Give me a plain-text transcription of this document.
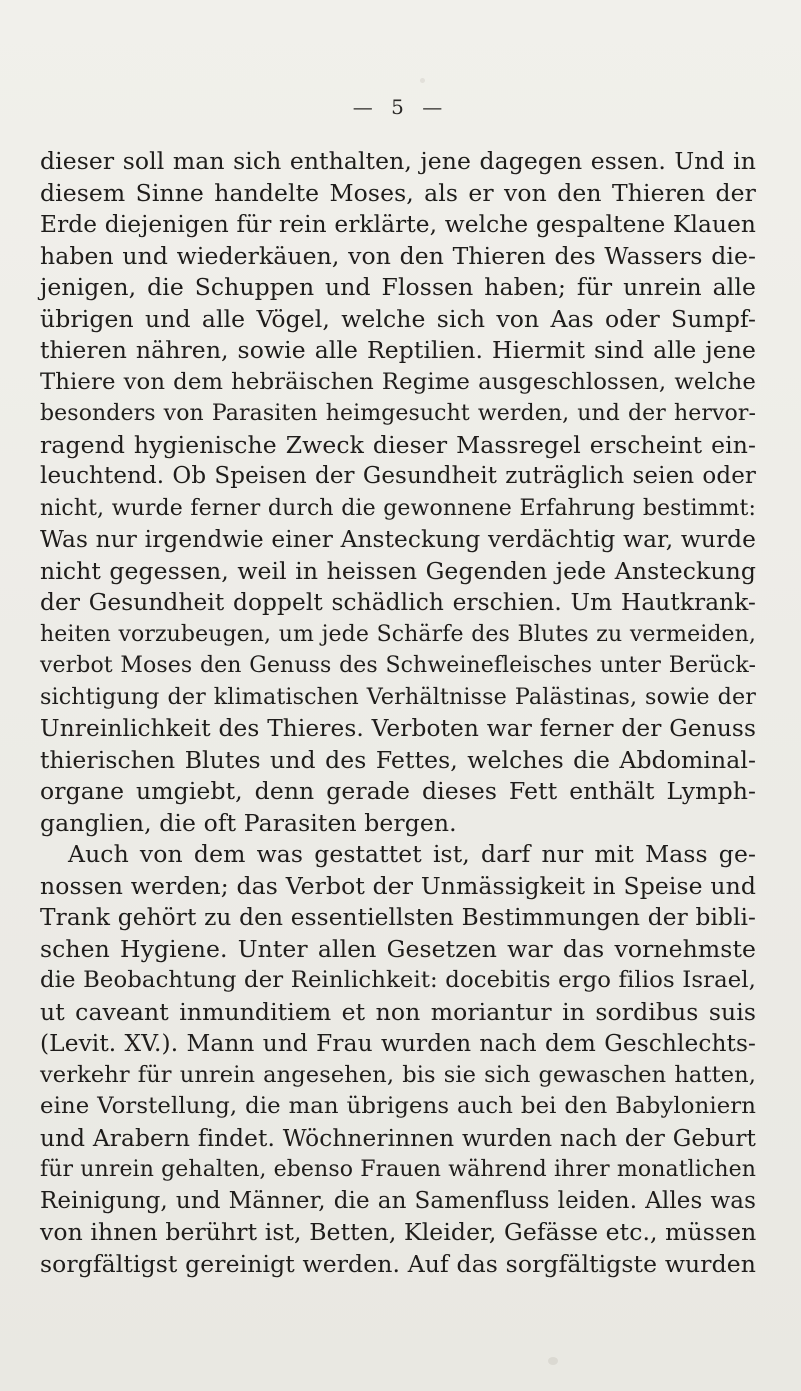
— 5 —
dieser soll man sich enthalten, jene dagegen essen. Und in
diesem Sinne handelte Moses, als er von den Thieren der
Erde diejenigen für rein erklärte, welche gespaltene Klauen
haben und wiederkäuen, von den Thieren des Wassers die-
jenigen, die Schuppen und Flossen haben; für unrein alle
übrigen und alle Vögel, welche sich von Aas oder Sumpf-
thieren nähren, sowie alle Reptilien. Hiermit sind alle jene
Thiere von dem hebräischen Regime ausgeschlossen, welche
besonders von Parasiten heimgesucht werden, und der hervor-
ragend hygienische Zweck dieser Massregel erscheint ein-
leuchtend. Ob Speisen der Gesundheit zuträglich seien oder
nicht, wurde ferner durch die gewonnene Erfahrung bestimmt:
Was nur irgendwie einer Ansteckung verdächtig war, wurde
nicht gegessen, weil in heissen Gegenden jede Ansteckung
der Gesundheit doppelt schädlich erschien. Um Hautkrank-
heiten vorzubeugen, um jede Schärfe des Blutes zu vermeiden,
verbot Moses den Genuss des Schweinefleisches unter Berück-
sichtigung der klimatischen Verhältnisse Palästinas, sowie der
Unreinlichkeit des Thieres. Verboten war ferner der Genuss
thierischen Blutes und des Fettes, welches die Abdominal-
organe umgiebt, denn gerade dieses Fett enthält Lymph-
ganglien, die oft Parasiten bergen.
Auch von dem was gestattet ist, darf nur mit Mass ge-
nossen werden; das Verbot der Unmässigkeit in Speise und
Trank gehört zu den essentiellsten Bestimmungen der bibli-
schen Hygiene. Unter allen Gesetzen war das vornehmste
die Beobachtung der Reinlichkeit: docebitis ergo filios Israel,
ut caveant inmunditiem et non moriantur in sordibus suis
(Levit. XV.). Mann und Frau wurden nach dem Geschlechts-
verkehr für unrein angesehen, bis sie sich gewaschen hatten,
eine Vorstellung, die man übrigens auch bei den Babyloniern
und Arabern findet. Wöchnerinnen wurden nach der Geburt
für unrein gehalten, ebenso Frauen während ihrer monatlichen
Reinigung, und Männer, die an Samenfluss leiden. Alles was
von ihnen berührt ist, Betten, Kleider, Gefässe etc., müssen
sorgfältigst gereinigt werden. Auf das sorgfältigste wurden
